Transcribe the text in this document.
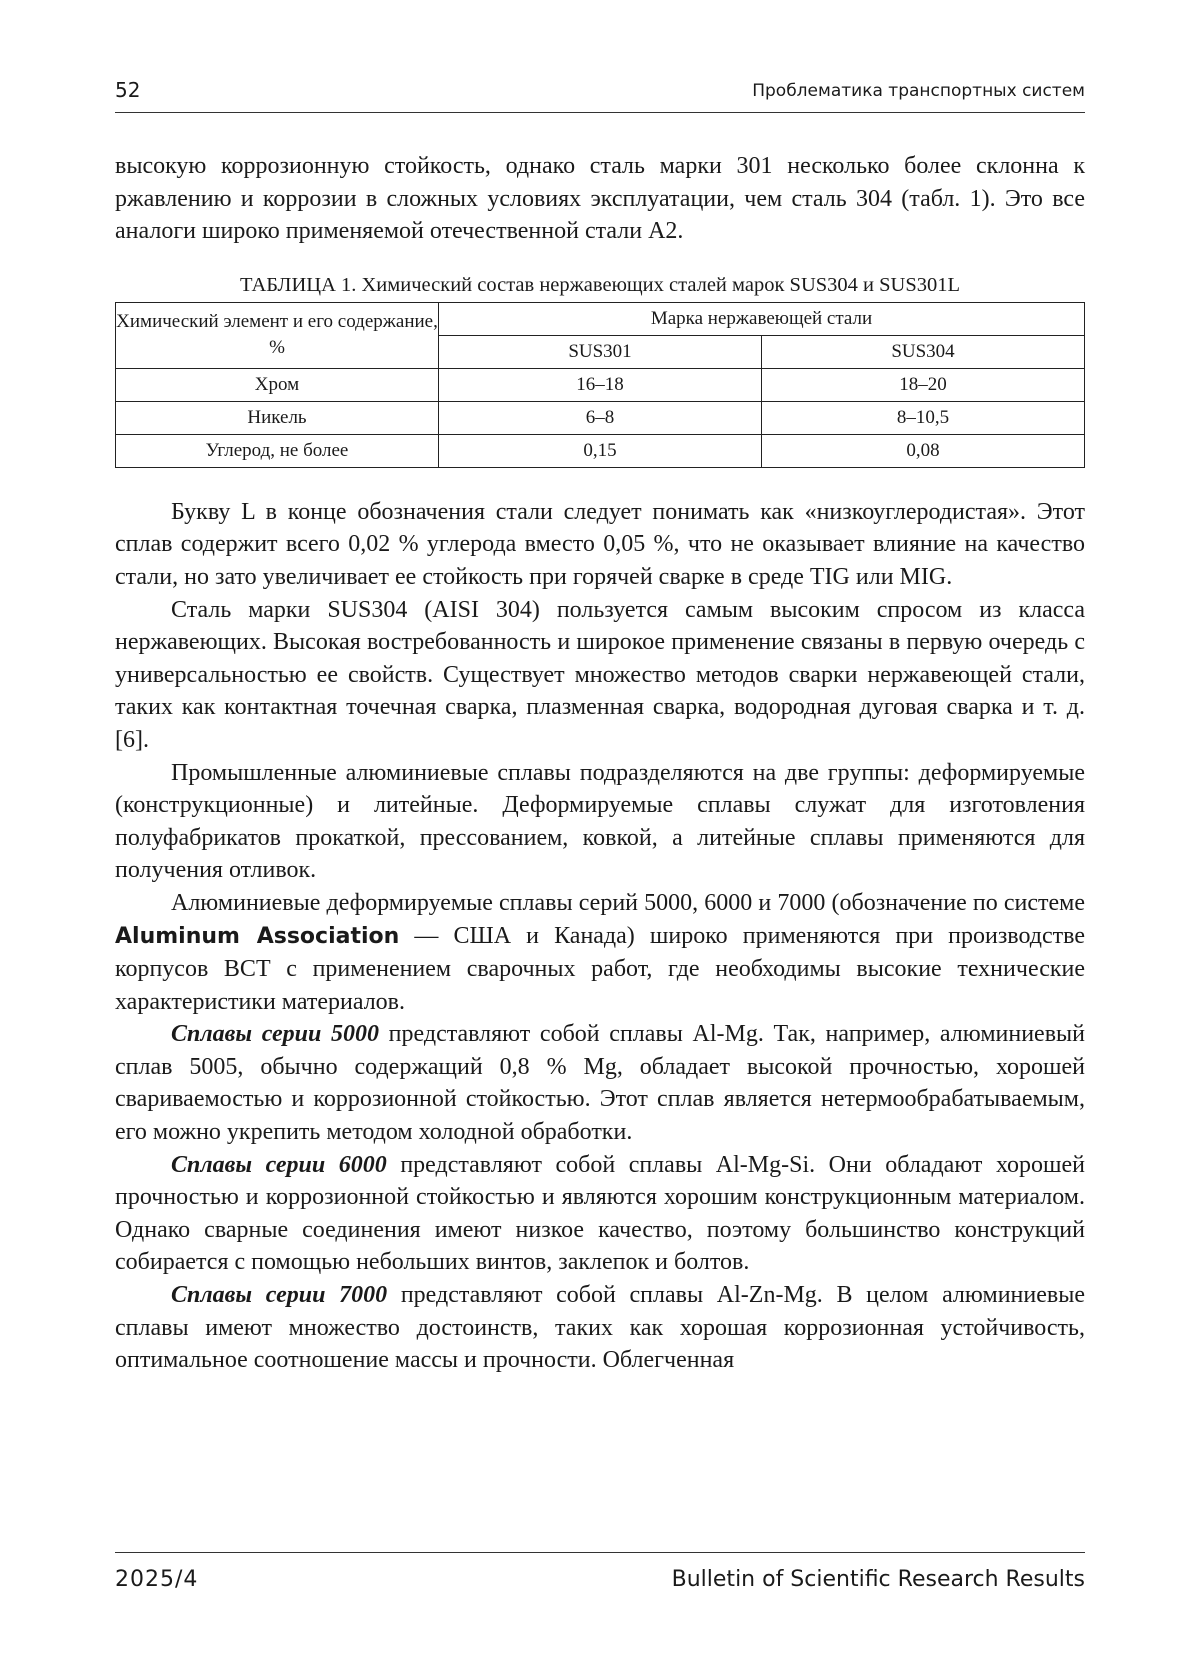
52	Проблематика транспортных систем

высокую коррозионную стойкость, однако сталь марки 301 несколько более склонна к ржавлению и коррозии в сложных условиях эксплуатации, чем сталь 304 (табл. 1). Это все аналоги широко применяемой отечественной стали А2.

ТАБЛИЦА 1. Химический состав нержавеющих сталей марок SUS304 и SUS301L
Химический элемент и его содержание, %	Марка нержавеющей стали	
	SUS301	SUS304
Хром	16–18	18–20
Никель	6–8	8–10,5
Углерод, не более	0,15	0,08

Букву L в конце обозначения стали следует понимать как «низкоуглеродистая». Этот сплав содержит всего 0,02 % углерода вместо 0,05 %, что не оказывает влияние на качество стали, но зато увеличивает ее стойкость при горячей сварке в среде TIG или MIG.

Сталь марки SUS304 (AISI 304) пользуется самым высоким спросом из класса нержавеющих. Высокая востребованность и широкое применение связаны в первую очередь с универсальностью ее свойств. Существует множество методов сварки нержавеющей стали, таких как контактная точечная сварка, плазменная сварка, водородная дуговая сварка и т. д. [6].

Промышленные алюминиевые сплавы подразделяются на две группы: деформируемые (конструкционные) и литейные. Деформируемые сплавы служат для изготовления полуфабрикатов прокаткой, прессованием, ковкой, а литейные сплавы применяются для получения отливок.

Алюминиевые деформируемые сплавы серий 5000, 6000 и 7000 (обозначение по системе Aluminum Association — США и Канада) широко применяются при производстве корпусов ВСТ с применением сварочных работ, где необходимы высокие технические характеристики материалов.

Сплавы серии 5000 представляют собой сплавы Al-Mg. Так, например, алюминиевый сплав 5005, обычно содержащий 0,8 % Mg, обладает высокой прочностью, хорошей свариваемостью и коррозионной стойкостью. Этот сплав является нетермообрабатываемым, его можно укрепить методом холодной обработки.

Сплавы серии 6000 представляют собой сплавы Al-Mg-Si. Они обладают хорошей прочностью и коррозионной стойкостью и являются хорошим конструкционным материалом. Однако сварные соединения имеют низкое качество, поэтому большинство конструкций собирается с помощью небольших винтов, заклепок и болтов.

Сплавы серии 7000 представляют собой сплавы Al-Zn-Mg. В целом алюминиевые сплавы имеют множество достоинств, таких как хорошая коррозионная устойчивость, оптимальное соотношение массы и прочности. Облегченная

2025/4	Bulletin of Scientific Research Results
